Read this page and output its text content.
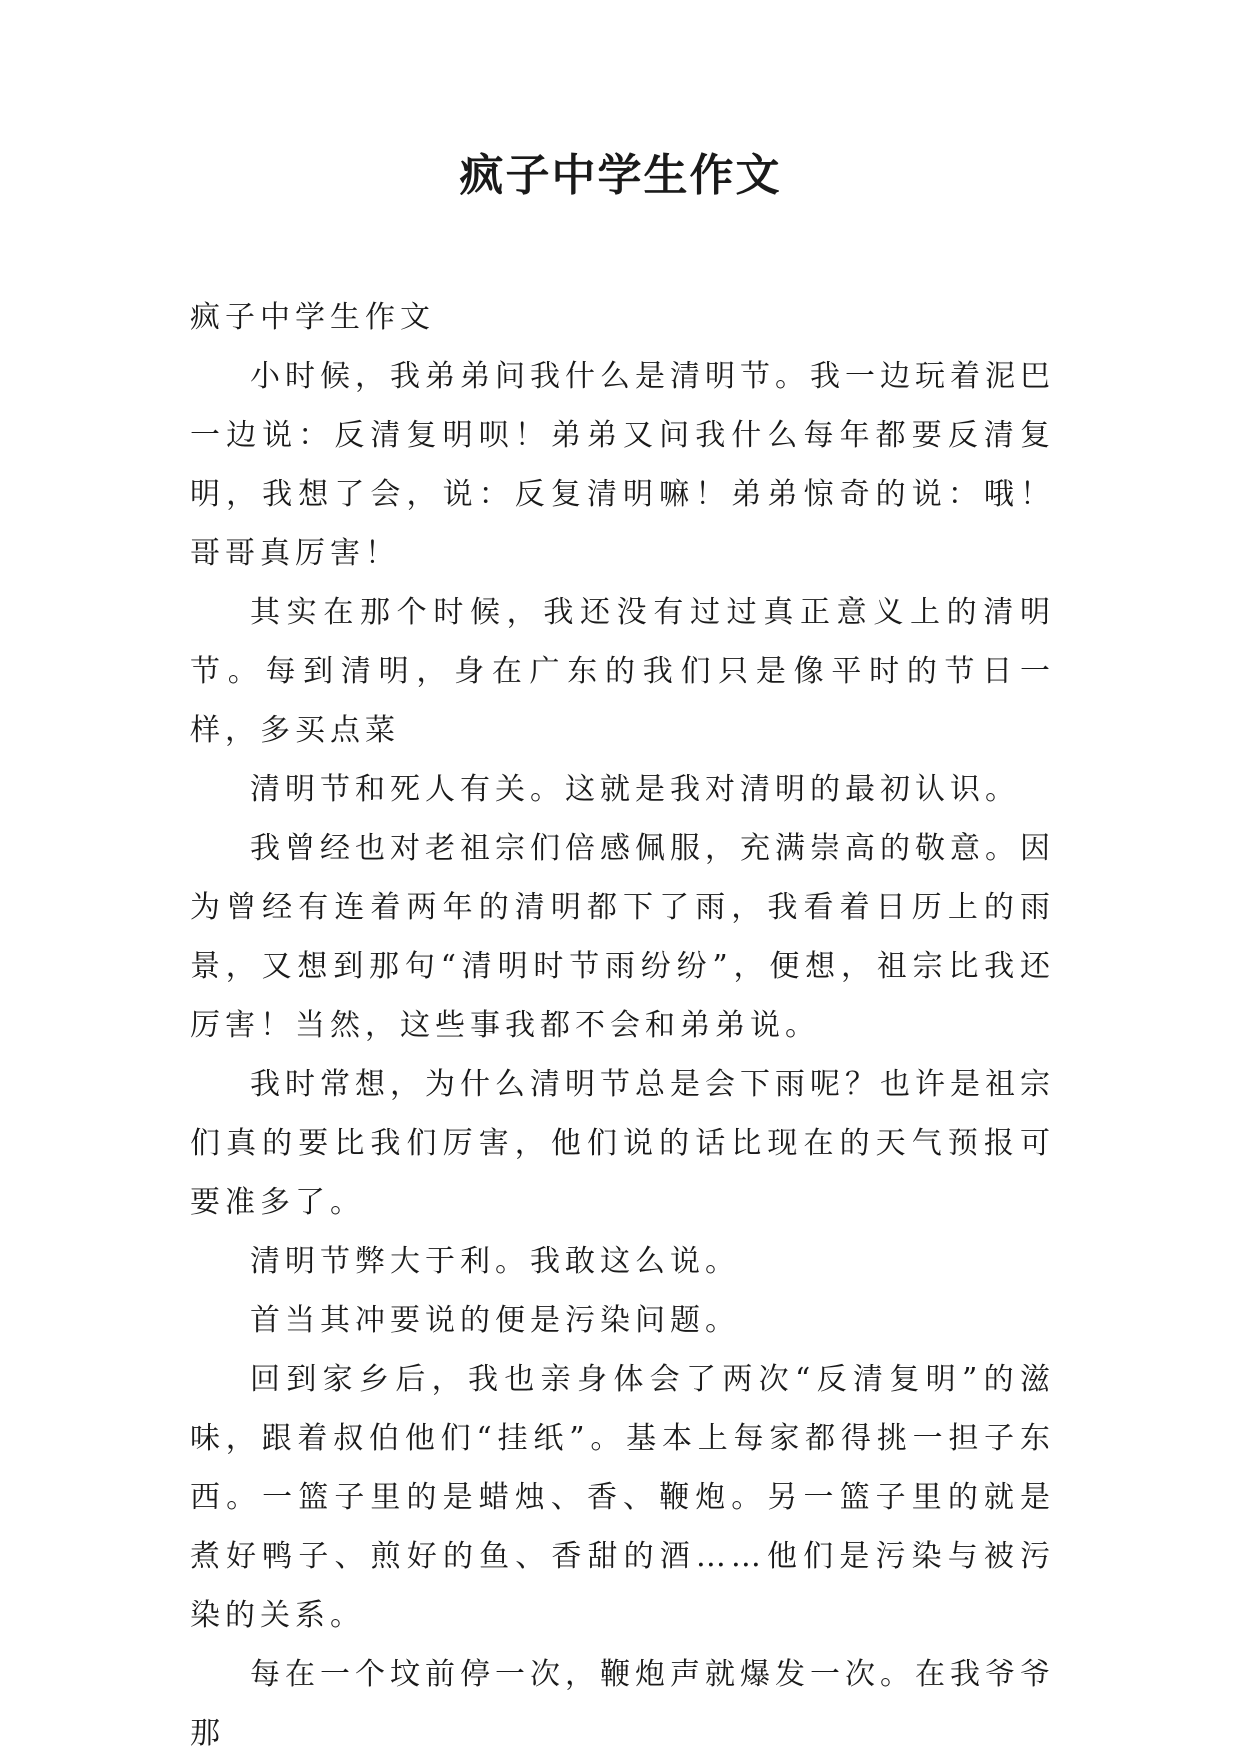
疯子中学生作文

疯子中学生作文

小时候，我弟弟问我什么是清明节。我一边玩着泥巴一边说：反清复明呗！弟弟又问我什么每年都要反清复明，我想了会，说：反复清明嘛！弟弟惊奇的说：哦！哥哥真厉害！

其实在那个时候，我还没有过过真正意义上的清明节。每到清明，身在广东的我们只是像平时的节日一样，多买点菜

清明节和死人有关。这就是我对清明的最初认识。

我曾经也对老祖宗们倍感佩服，充满崇高的敬意。因为曾经有连着两年的清明都下了雨，我看着日历上的雨景，又想到那句“清明时节雨纷纷”，便想，祖宗比我还厉害！当然，这些事我都不会和弟弟说。

我时常想，为什么清明节总是会下雨呢？也许是祖宗们真的要比我们厉害，他们说的话比现在的天气预报可要准多了。

清明节弊大于利。我敢这么说。

首当其冲要说的便是污染问题。

回到家乡后，我也亲身体会了两次“反清复明”的滋味，跟着叔伯他们“挂纸”。基本上每家都得挑一担子东西。一篮子里的是蜡烛、香、鞭炮。另一篮子里的就是煮好鸭子、煎好的鱼、香甜的酒……他们是污染与被污染的关系。

每在一个坟前停一次，鞭炮声就爆发一次。在我爷爷那
